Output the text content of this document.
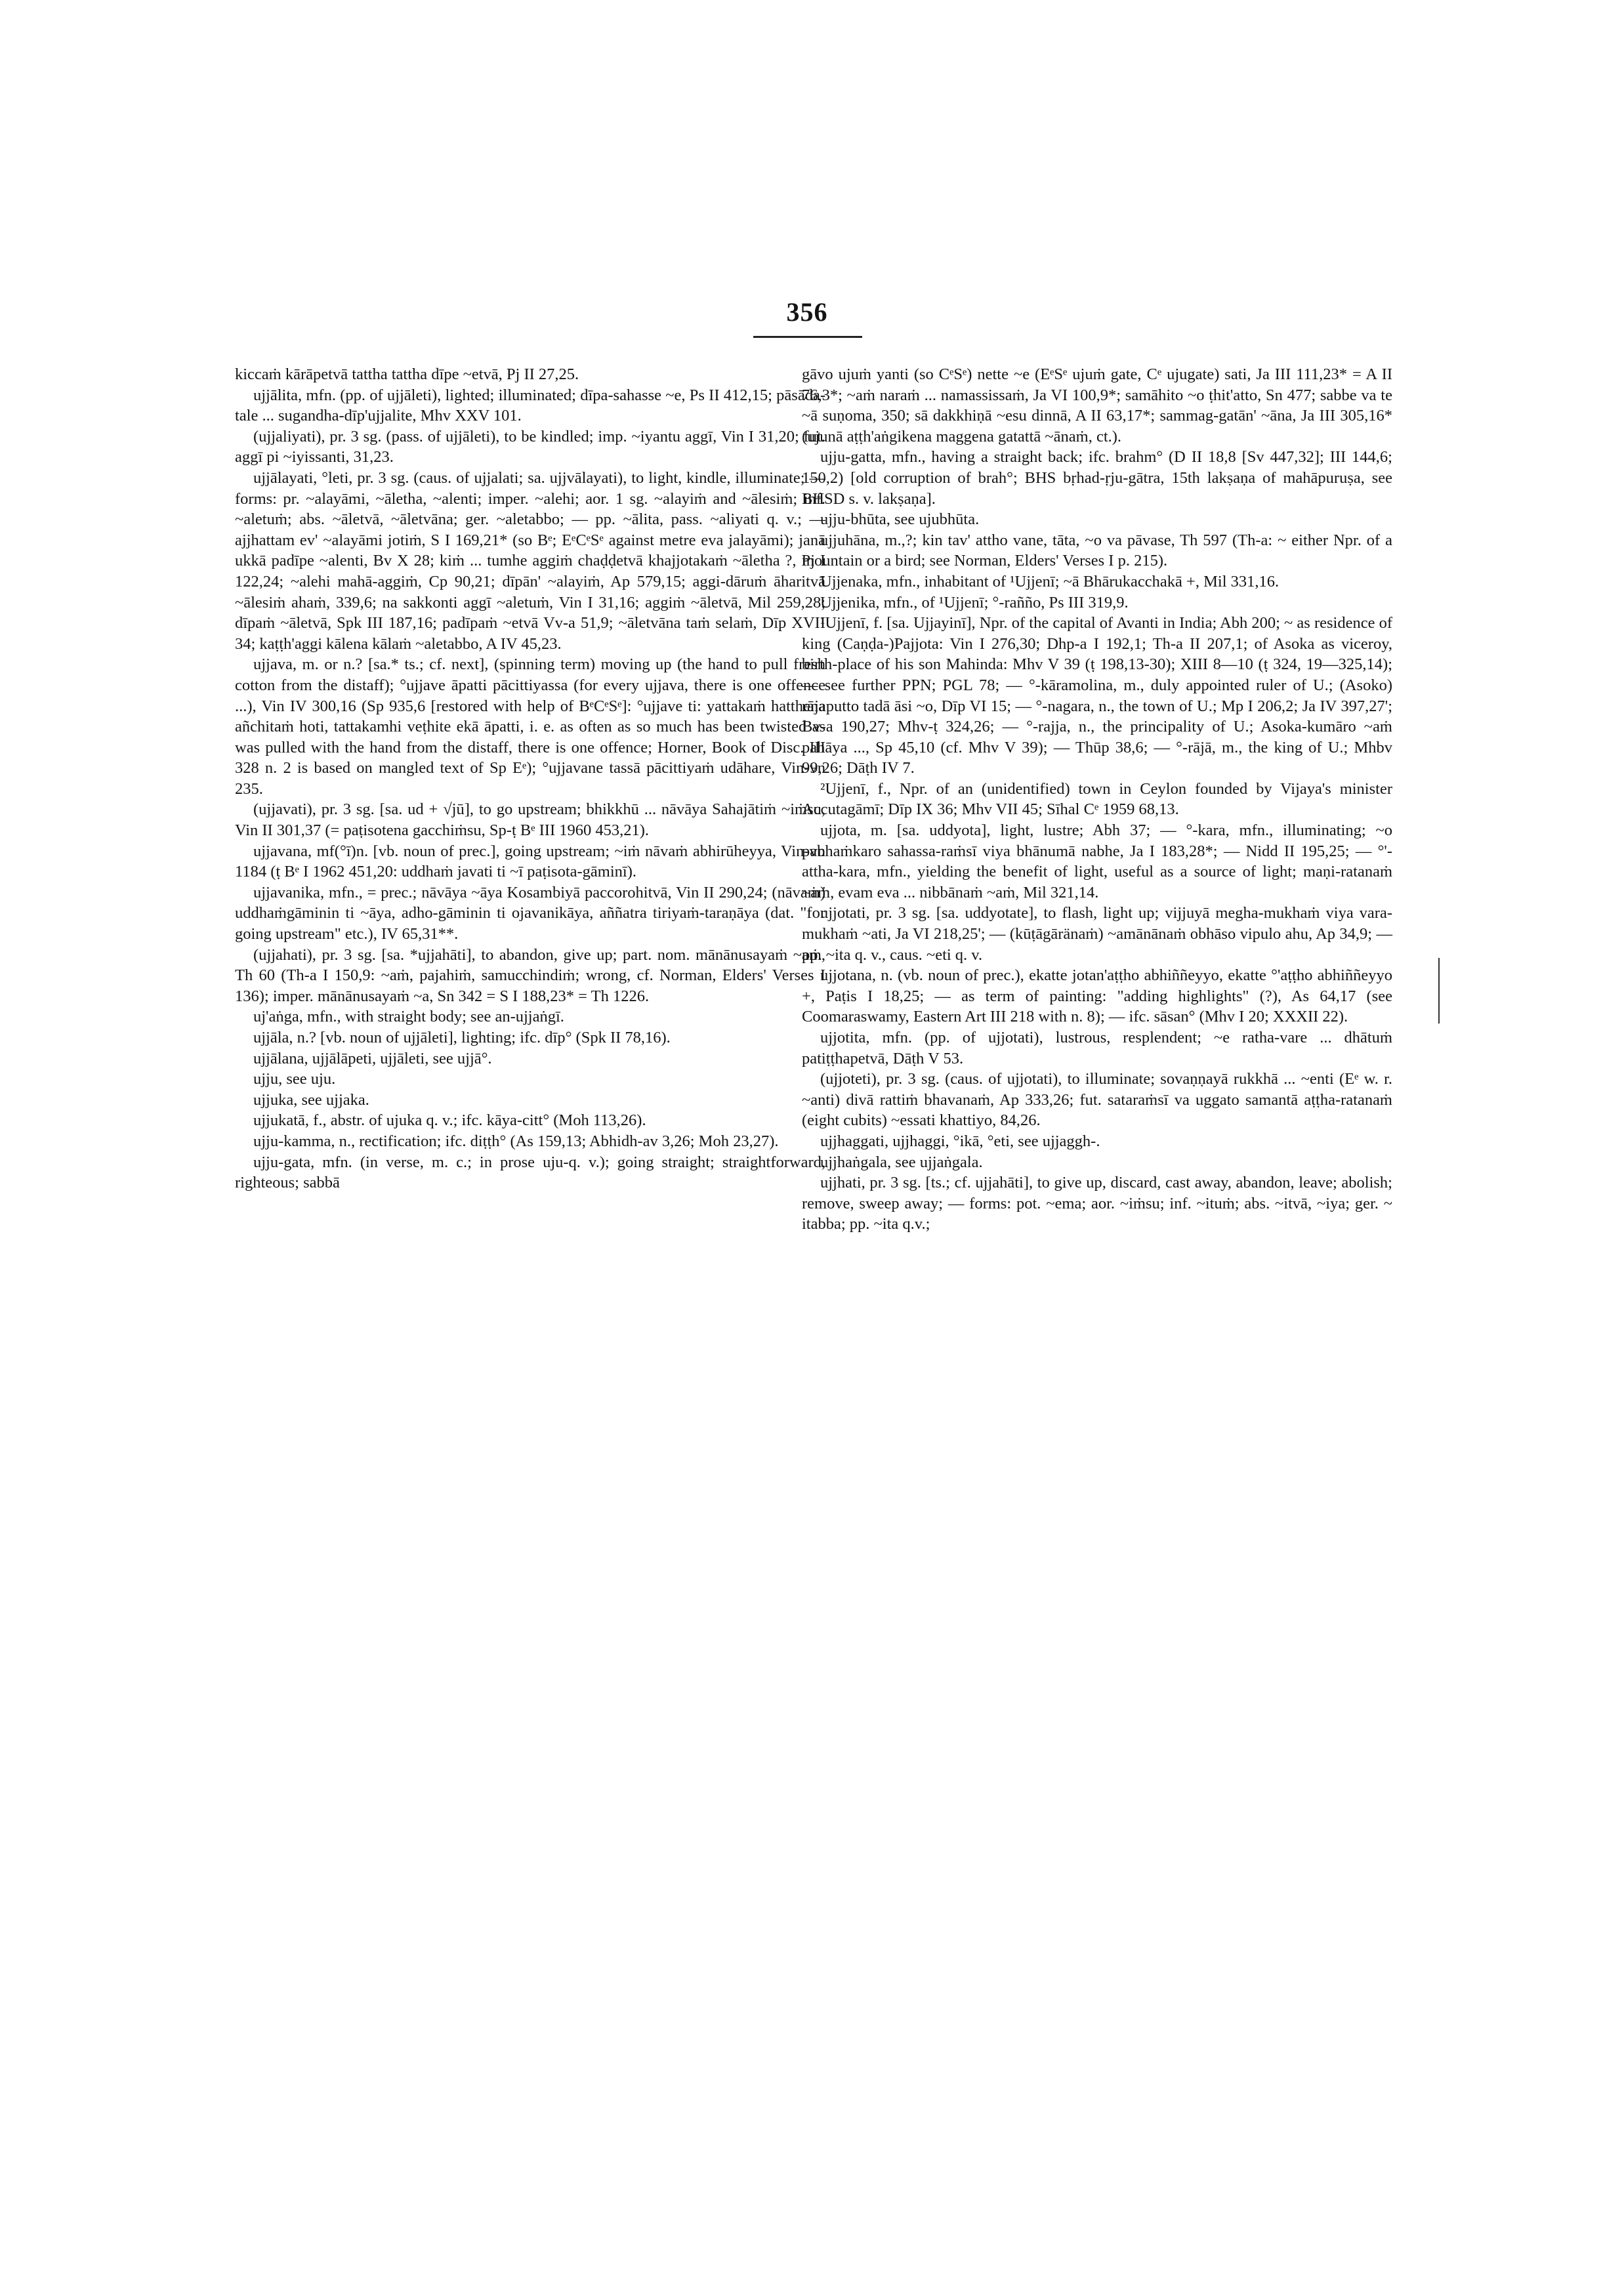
356

kiccaṁ kārāpetvā tattha tattha dīpe ~etvā, Pj II 27,25.

ujjālita, mfn. (pp. of ujjāleti), lighted; illuminated; dīpa-sahasse ~e, Ps II 412,15; pāsāda-tale ... sugandha-dīp'ujjalite, Mhv XXV 101.

(ujjaliyati), pr. 3 sg. (pass. of ujjāleti), to be kindled; imp. ~iyantu aggī, Vin I 31,20; fut. aggī pi ~iyissanti, 31,23.

ujjālayati, °leti, pr. 3 sg. (caus. of ujjalati; sa. ujjvālayati), to light, kindle, illuminate; — forms: pr. ~alayāmi, ~āletha, ~alenti; imper. ~alehi; aor. 1 sg. ~alayiṁ and ~ālesiṁ; inf. ~aletuṁ; abs. ~āletvā, ~āletvāna; ger. ~aletabbo; — pp. ~ālita, pass. ~aliyati q. v.; — ajjhattam ev' ~alayāmi jotiṁ, S I 169,21* (so Bᵉ; EᵉCᵉSᵉ against metre eva jalayāmi); janā ukkā padīpe ~alenti, Bv X 28; kiṁ ... tumhe aggiṁ chaḍḍetvā khajjotakaṁ ~āletha ?, Pj I 122,24; ~alehi mahā-aggiṁ, Cp 90,21; dīpān' ~alayiṁ, Ap 579,15; aggi-dāruṁ āharitvā ~ālesiṁ ahaṁ, 339,6; na sakkonti aggī ~aletuṁ, Vin I 31,16; aggiṁ ~āletvā, Mil 259,28; dīpaṁ ~āletvā, Spk III 187,16; padīpaṁ ~etvā Vv-a 51,9; ~āletvāna taṁ selaṁ, Dīp XVII 34; kaṭṭh'aggi kālena kālaṁ ~aletabbo, A IV 45,23.

ujjava, m. or n.? [sa.* ts.; cf. next], (spinning term) moving up (the hand to pull fresh cotton from the distaff); °ujjave āpatti pācittiyassa (for every ujjava, there is one offence ...), Vin IV 300,16 (Sp 935,6 [restored with help of BᵉCᵉSᵉ]: °ujjave ti: yattakaṁ hatthena añchitaṁ hoti, tattakamhi veṭhite ekā āpatti, i. e. as often as so much has been twisted as was pulled with the hand from the distaff, there is one offence; Horner, Book of Disc. III 328 n. 2 is based on mangled text of Sp Eᵉ); °ujjavane tassā pācittiyaṁ udāhare, Vin-vn 235.

(ujjavati), pr. 3 sg. [sa. ud + √jū], to go upstream; bhikkhū ... nāvāya Sahajātiṁ ~iṁsu, Vin II 301,37 (= paṭisotena gacchiṁsu, Sp-ṭ Bᵉ III 1960 453,21).

ujjavana, mf(°ī)n. [vb. noun of prec.], going upstream; ~iṁ nāvaṁ abhirūheyya, Vin-vn 1184 (ṭ Bᵉ I 1962 451,20: uddhaṁ javati ti ~ī paṭisota-gāminī).

ujjavanika, mfn., = prec.; nāvāya ~āya Kosambiyā paccorohitvā, Vin II 290,24; (nāvaṁ) uddhaṁgāminin ti ~āya, adho-gāminin ti ojavanikāya, aññatra tiriyaṁ-taraṇāya (dat. "for going upstream" etc.), IV 65,31**.

(ujjahati), pr. 3 sg. [sa. *ujjahāti], to abandon, give up; part. nom. mānānusayaṁ ~aṁ, Th 60 (Th-a I 150,9: ~aṁ, pajahiṁ, samucchindiṁ; wrong, cf. Norman, Elders' Verses I 136); imper. mānānusayaṁ ~a, Sn 342 = S I 188,23* = Th 1226.

uj'aṅga, mfn., with straight body; see an-ujjaṅgī.

ujjāla, n.? [vb. noun of ujjāleti], lighting; ifc. dīp° (Spk II 78,16).

ujjālana, ujjālāpeti, ujjāleti, see ujjā°.

ujju, see uju.

ujjuka, see ujjaka.

ujjukatā, f., abstr. of ujuka q. v.; ifc. kāya-citt° (Moh 113,26).

ujju-kamma, n., rectification; ifc. diṭṭh° (As 159,13; Abhidh-av 3,26; Moh 23,27).

ujju-gata, mfn. (in verse, m. c.; in prose uju-q. v.); going straight; straightforward, righteous; sabbā

gāvo ujuṁ yanti (so CᵉSᵉ) nette ~e (EᵉSᵉ ujuṁ gate, Cᵉ ujugate) sati, Ja III 111,23* = A II 76,3*; ~aṁ naraṁ ... namassissaṁ, Ja VI 100,9*; samāhito ~o ṭhit'atto, Sn 477; sabbe va te ~ā suṇoma, 350; sā dakkhiṇā ~esu dinnā, A II 63,17*; sammag-gatān' ~āna, Ja III 305,16* (ujunā aṭṭh'aṅgikena maggena gatattā ~ānaṁ, ct.).

ujju-gatta, mfn., having a straight back; ifc. brahm° (D II 18,8 [Sv 447,32]; III 144,6; 150,2) [old corruption of brah°; BHS bṛhad-ṛju-gātra, 15th lakṣaṇa of mahāpuruṣa, see BHSD s. v. lakṣaṇa].

ujju-bhūta, see ujubhūta.

ujjuhāna, m.,?; kin tav' attho vane, tāta, ~o va pāvase, Th 597 (Th-a: ~ either Npr. of a mountain or a bird; see Norman, Elders' Verses I p. 215).

Ujjenaka, mfn., inhabitant of ¹Ujjenī; ~ā Bhārukacchakā +, Mil 331,16.

Ujjenika, mfn., of ¹Ujjenī; °-rañño, Ps III 319,9.

¹Ujjenī, f. [sa. Ujjayinī], Npr. of the capital of Avanti in India; Abh 200; ~ as residence of king (Caṇḍa-)Pajjota: Vin I 276,30; Dhp-a I 192,1; Th-a II 207,1; of Asoka as viceroy, birth-place of his son Mahinda: Mhv V 39 (ṭ 198,13-30); XIII 8—10 (ṭ 324, 19—325,14); — see further PPN; PGL 78; — °-kāramolina, m., duly appointed ruler of U.; (Asoko) rājaputto tadā āsi ~o, Dīp VI 15; — °-nagara, n., the town of U.; Mp I 206,2; Ja IV 397,27'; Bv-a 190,27; Mhv-ṭ 324,26; — °-rajja, n., the principality of U.; Asoka-kumāro ~aṁ pahāya ..., Sp 45,10 (cf. Mhv V 39); — Thūp 38,6; — °-rājā, m., the king of U.; Mhbv 99,26; Dāṭh IV 7.

²Ujjenī, f., Npr. of an (unidentified) town in Ceylon founded by Vijaya's minister Accutagāmī; Dīp IX 36; Mhv VII 45; Sīhal Cᵉ 1959 68,13.

ujjota, m. [sa. uddyota], light, lustre; Abh 37; — °-kara, mfn., illuminating; ~o pabhaṁkaro sahassa-raṁsī viya bhānumā nabhe, Ja I 183,28*; — Nidd II 195,25; — °'-attha-kara, mfn., yielding the benefit of light, useful as a source of light; maṇi-ratanaṁ ~aṁ, evam eva ... nibbānaṁ ~aṁ, Mil 321,14.

ujjotati, pr. 3 sg. [sa. uddyotate], to flash, light up; vijjuyā megha-mukhaṁ viya vara-mukhaṁ ~ati, Ja VI 218,25'; — (kūṭāgāränaṁ) ~amānānaṁ obhāso vipulo ahu, Ap 34,9; — pp. ~ita q. v., caus. ~eti q. v.

ujjotana, n. (vb. noun of prec.), ekatte jotan'aṭṭho abhiññeyyo, ekatte °'aṭṭho abhiññeyyo +, Paṭis I 18,25; — as term of painting: "adding highlights" (?), As 64,17 (see Coomaraswamy, Eastern Art III 218 with n. 8); — ifc. sāsan° (Mhv I 20; XXXII 22).

ujjotita, mfn. (pp. of ujjotati), lustrous, resplendent; ~e ratha-vare ... dhātuṁ patiṭṭhapetvā, Dāṭh V 53.

(ujjoteti), pr. 3 sg. (caus. of ujjotati), to illuminate; sovaṇṇayā rukkhā ... ~enti (Eᵉ w. r. ~anti) divā rattiṁ bhavanaṁ, Ap 333,26; fut. sataraṁsī va uggato samantā aṭṭha-ratanaṁ (eight cubits) ~essati khattiyo, 84,26.

ujjhaggati, ujjhaggi, °ikā, °eti, see ujjaggh-.

ujjhaṅgala, see ujjaṅgala.

ujjhati, pr. 3 sg. [ts.; cf. ujjahāti], to give up, discard, cast away, abandon, leave; abolish; remove, sweep away; — forms: pot. ~ema; aor. ~iṁsu; inf. ~ituṁ; abs. ~itvā, ~iya; ger. ~ itabba; pp. ~ita q.v.;
